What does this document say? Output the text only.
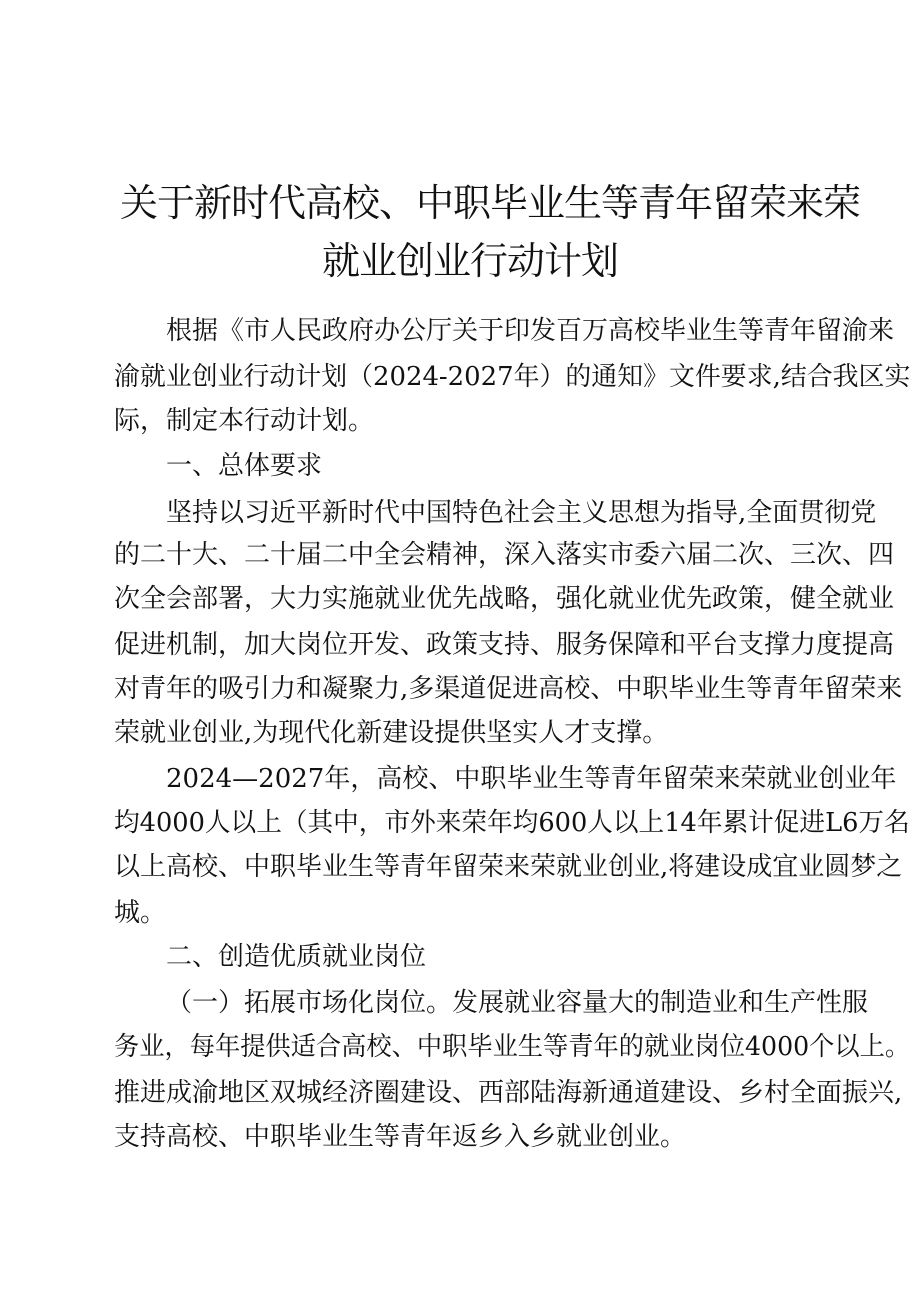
关于新时代高校、中职毕业生等青年留荣来荣
就业创业行动计划
根据《市人民政府办公厅关于印发百万高校毕业生等青年留渝来
渝就业创业行动计划（2024-2027年）的通知》文件要求,结合我区实
际，制定本行动计划。
一、总体要求
坚持以习近平新时代中国特色社会主义思想为指导,全面贯彻党
的二十大、二十届二中全会精神，深入落实市委六届二次、三次、四
次全会部署，大力实施就业优先战略，强化就业优先政策，健全就业
促进机制，加大岗位开发、政策支持、服务保障和平台支撑力度提高
对青年的吸引力和凝聚力,多渠道促进高校、中职毕业生等青年留荣来
荣就业创业,为现代化新建设提供坚实人才支撑。
2024—2027年，高校、中职毕业生等青年留荣来荣就业创业年
均4000人以上（其中，市外来荣年均600人以上14年累计促进L6万名
以上高校、中职毕业生等青年留荣来荣就业创业,将建设成宜业圆梦之
城。
二、创造优质就业岗位
（一）拓展市场化岗位。发展就业容量大的制造业和生产性服
务业，每年提供适合高校、中职毕业生等青年的就业岗位4000个以上。
推进成渝地区双城经济圈建设、西部陆海新通道建设、乡村全面振兴,
支持高校、中职毕业生等青年返乡入乡就业创业。
